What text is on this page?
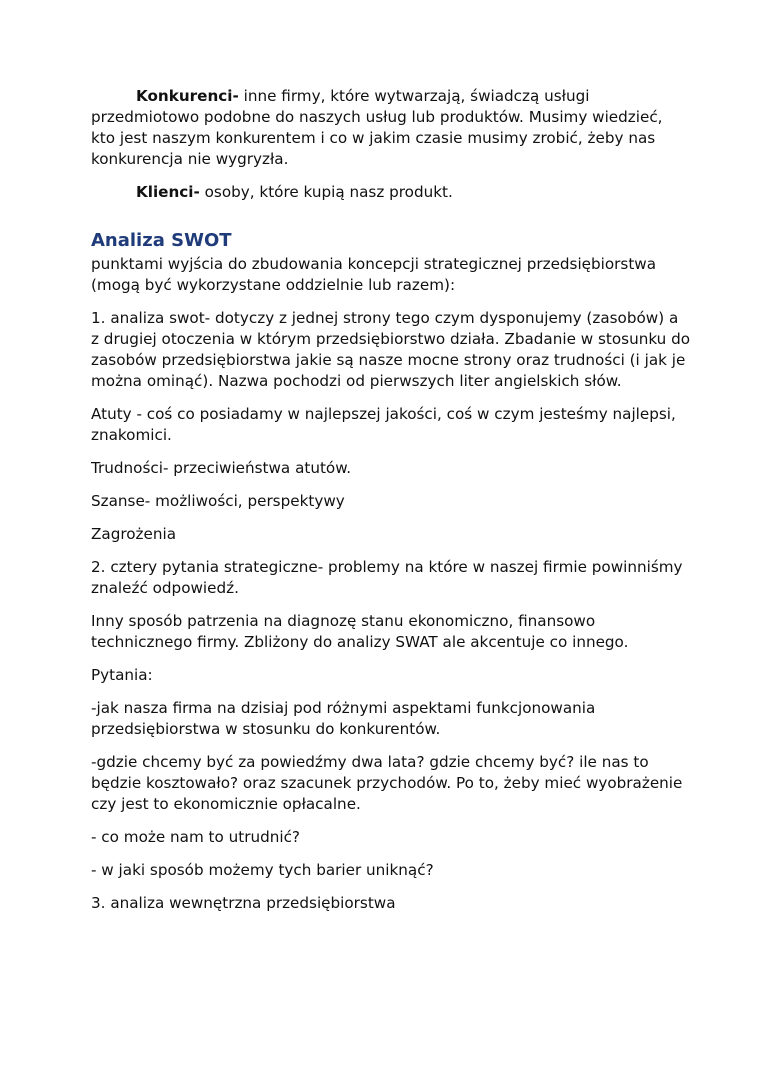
Konkurenci- inne firmy, które wytwarzają, świadczą usługi przedmiotowo podobne do naszych usług lub produktów. Musimy wiedzieć, kto jest naszym konkurentem i co w jakim czasie musimy zrobić, żeby nas konkurencja nie wygryzła.

Klienci- osoby, które kupią nasz produkt.

Analiza SWOT

punktami wyjścia do zbudowania koncepcji strategicznej przedsiębiorstwa (mogą być wykorzystane oddzielnie lub razem):

1. analiza swot- dotyczy z jednej strony tego czym dysponujemy (zasobów) a z drugiej otoczenia w którym przedsiębiorstwo działa. Zbadanie w stosunku do zasobów przedsiębiorstwa jakie są nasze mocne strony oraz trudności (i jak je można ominąć). Nazwa pochodzi od pierwszych liter angielskich słów.

Atuty - coś co posiadamy w najlepszej jakości, coś w czym jesteśmy najlepsi, znakomici.

Trudności- przeciwieństwa atutów.

Szanse- możliwości, perspektywy

Zagrożenia

2. cztery pytania strategiczne- problemy na które w naszej firmie powinniśmy znaleźć odpowiedź.

Inny sposób patrzenia na diagnozę stanu ekonomiczno, finansowo technicznego firmy. Zbliżony do analizy SWAT ale akcentuje co innego.

Pytania:

-jak nasza firma na dzisiaj pod różnymi aspektami funkcjonowania przedsiębiorstwa w stosunku do konkurentów.

-gdzie chcemy być za powiedźmy dwa lata? gdzie chcemy być? ile nas to będzie kosztowało? oraz szacunek przychodów. Po to, żeby mieć wyobrażenie czy jest to ekonomicznie opłacalne.

- co może nam to utrudnić?

- w jaki sposób możemy tych barier uniknąć?

3. analiza wewnętrzna przedsiębiorstwa
